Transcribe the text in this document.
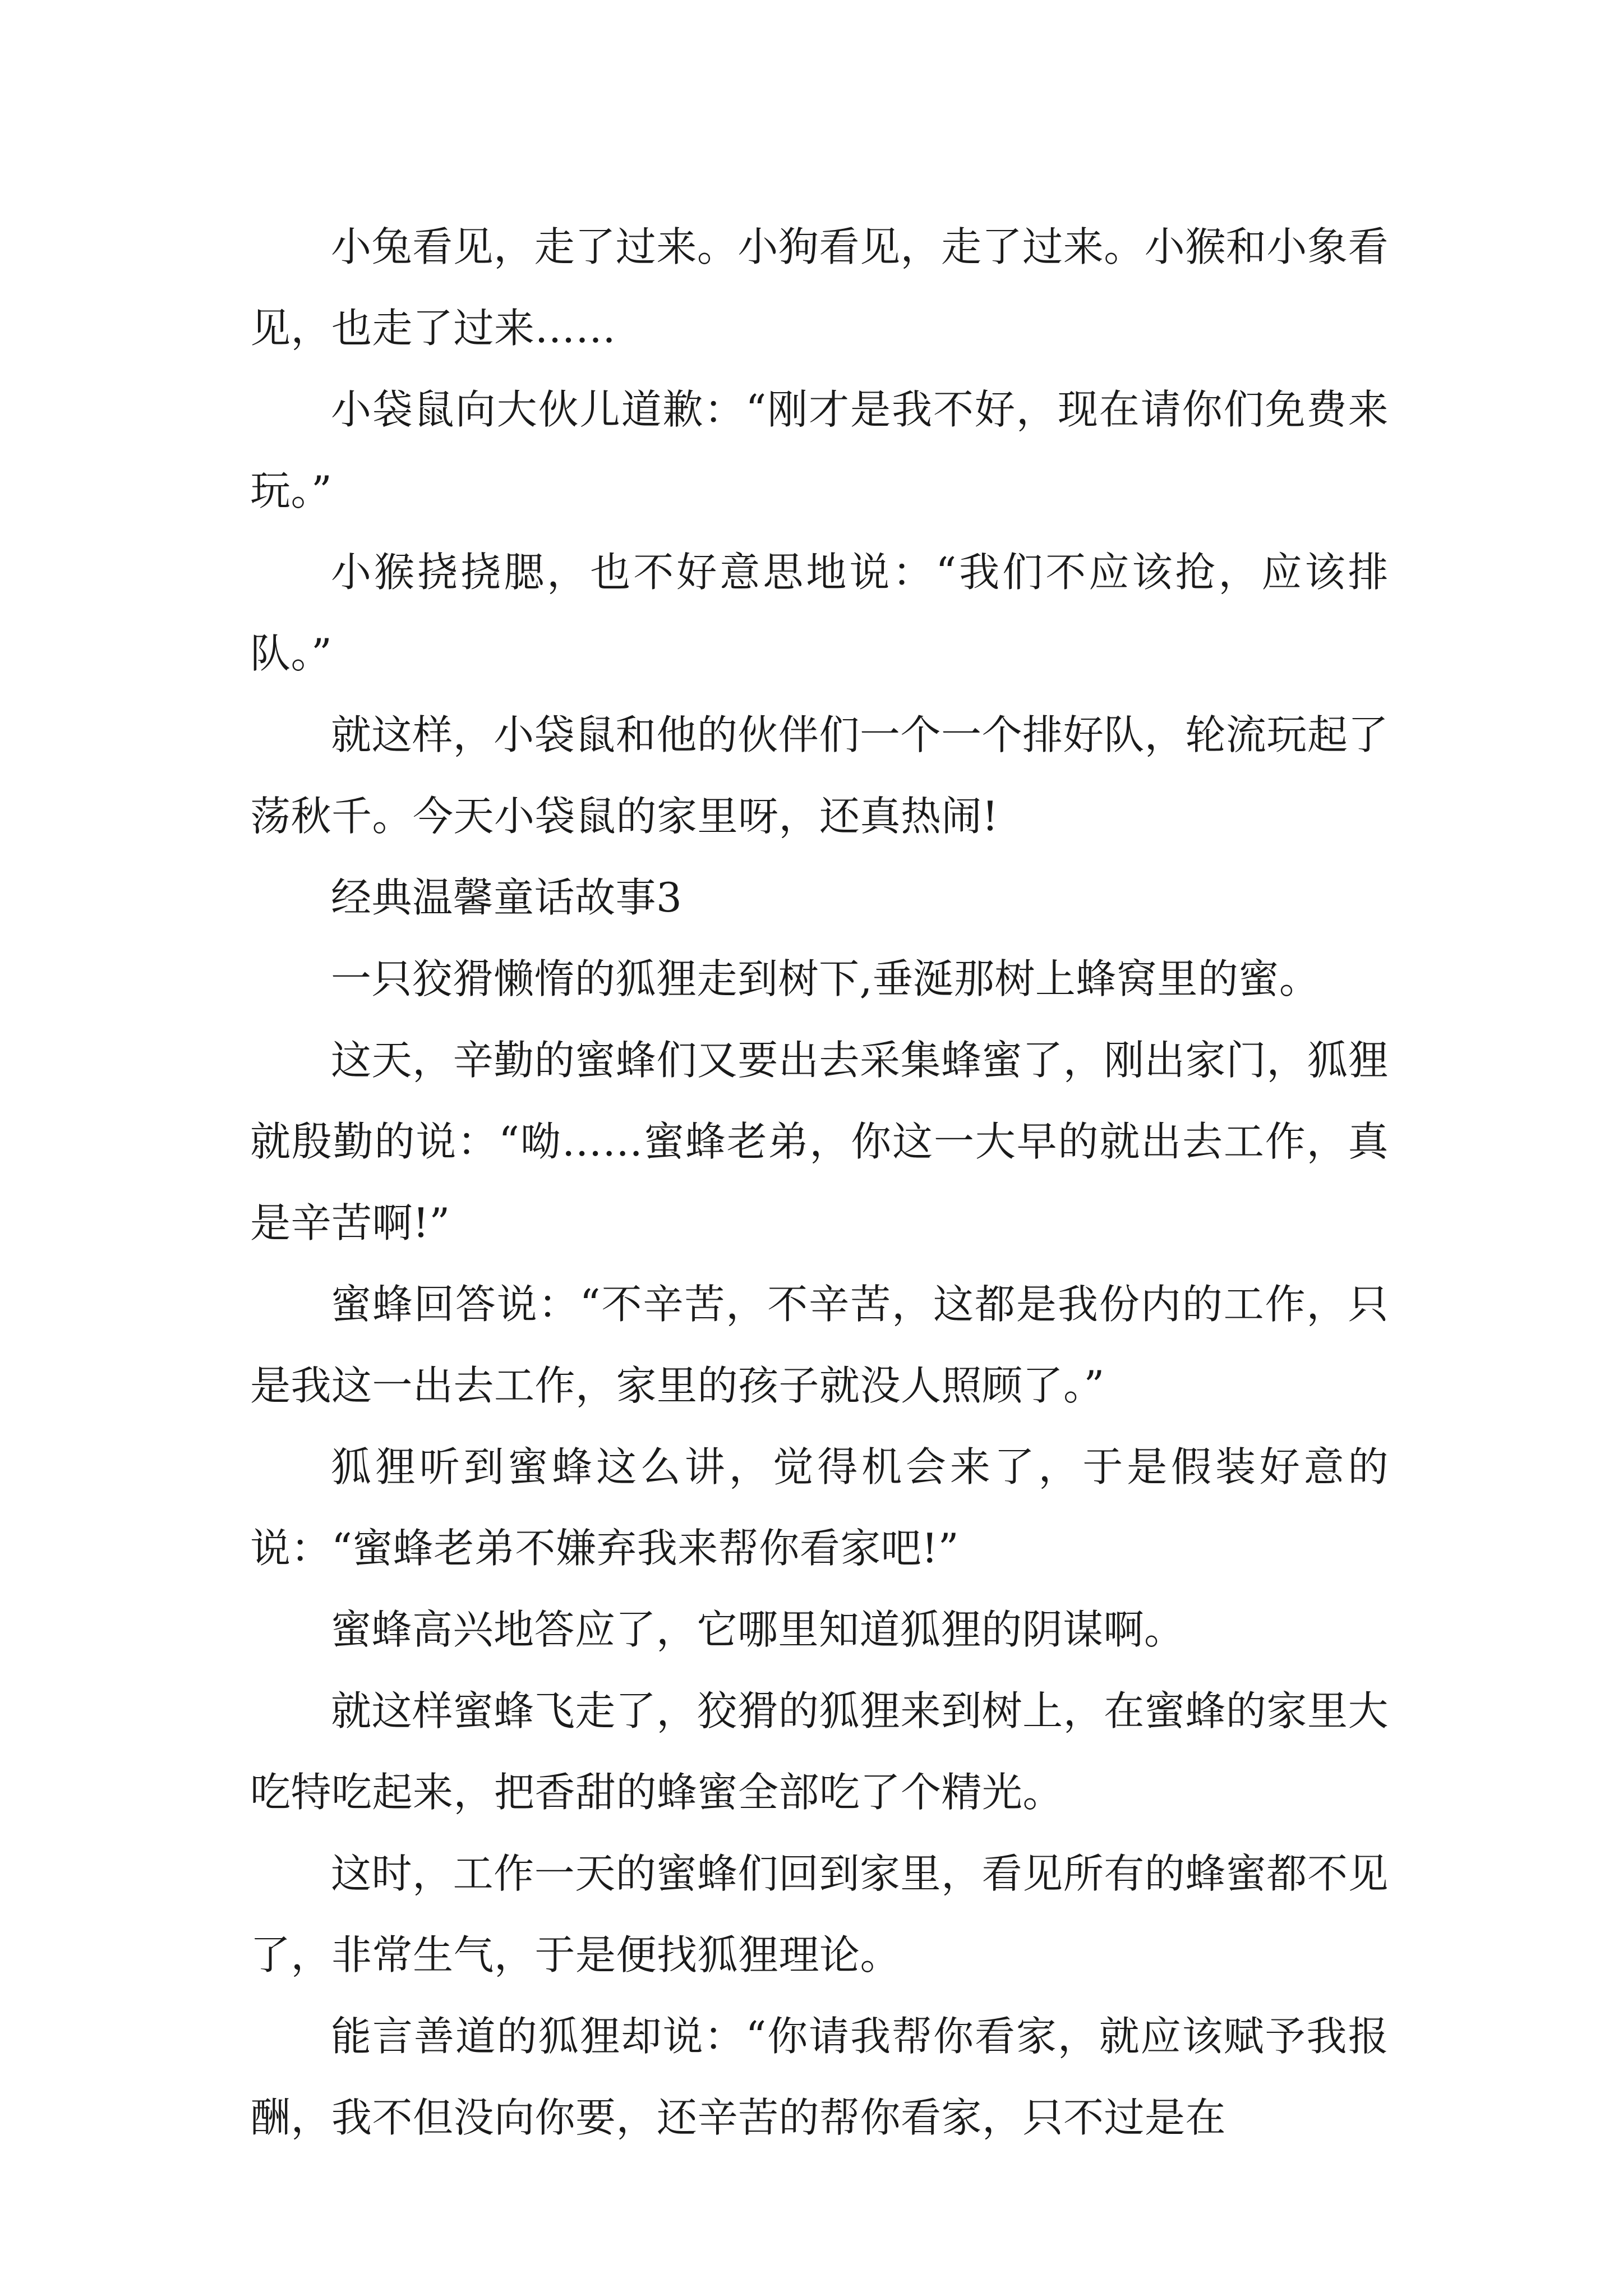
小兔看见，走了过来。小狗看见，走了过来。小猴和小象看见，也走了过来……

小袋鼠向大伙儿道歉：“刚才是我不好，现在请你们免费来玩。”

小猴挠挠腮，也不好意思地说：“我们不应该抢，应该排队。”

就这样，小袋鼠和他的伙伴们一个一个排好队，轮流玩起了荡秋千。今天小袋鼠的家里呀，还真热闹!

经典温馨童话故事3

一只狡猾懒惰的狐狸走到树下,垂涎那树上蜂窝里的蜜。

这天，辛勤的蜜蜂们又要出去采集蜂蜜了，刚出家门，狐狸就殷勤的说：“呦……蜜蜂老弟，你这一大早的就出去工作，真是辛苦啊!”

蜜蜂回答说：“不辛苦，不辛苦，这都是我份内的工作，只是我这一出去工作，家里的孩子就没人照顾了。”

狐狸听到蜜蜂这么讲，觉得机会来了，于是假装好意的说：“蜜蜂老弟不嫌弃我来帮你看家吧!”

蜜蜂高兴地答应了，它哪里知道狐狸的阴谋啊。

就这样蜜蜂飞走了，狡猾的狐狸来到树上，在蜜蜂的家里大吃特吃起来，把香甜的蜂蜜全部吃了个精光。

这时，工作一天的蜜蜂们回到家里，看见所有的蜂蜜都不见了，非常生气，于是便找狐狸理论。

能言善道的狐狸却说：“你请我帮你看家，就应该赋予我报酬，我不但没向你要，还辛苦的帮你看家，只不过是在
